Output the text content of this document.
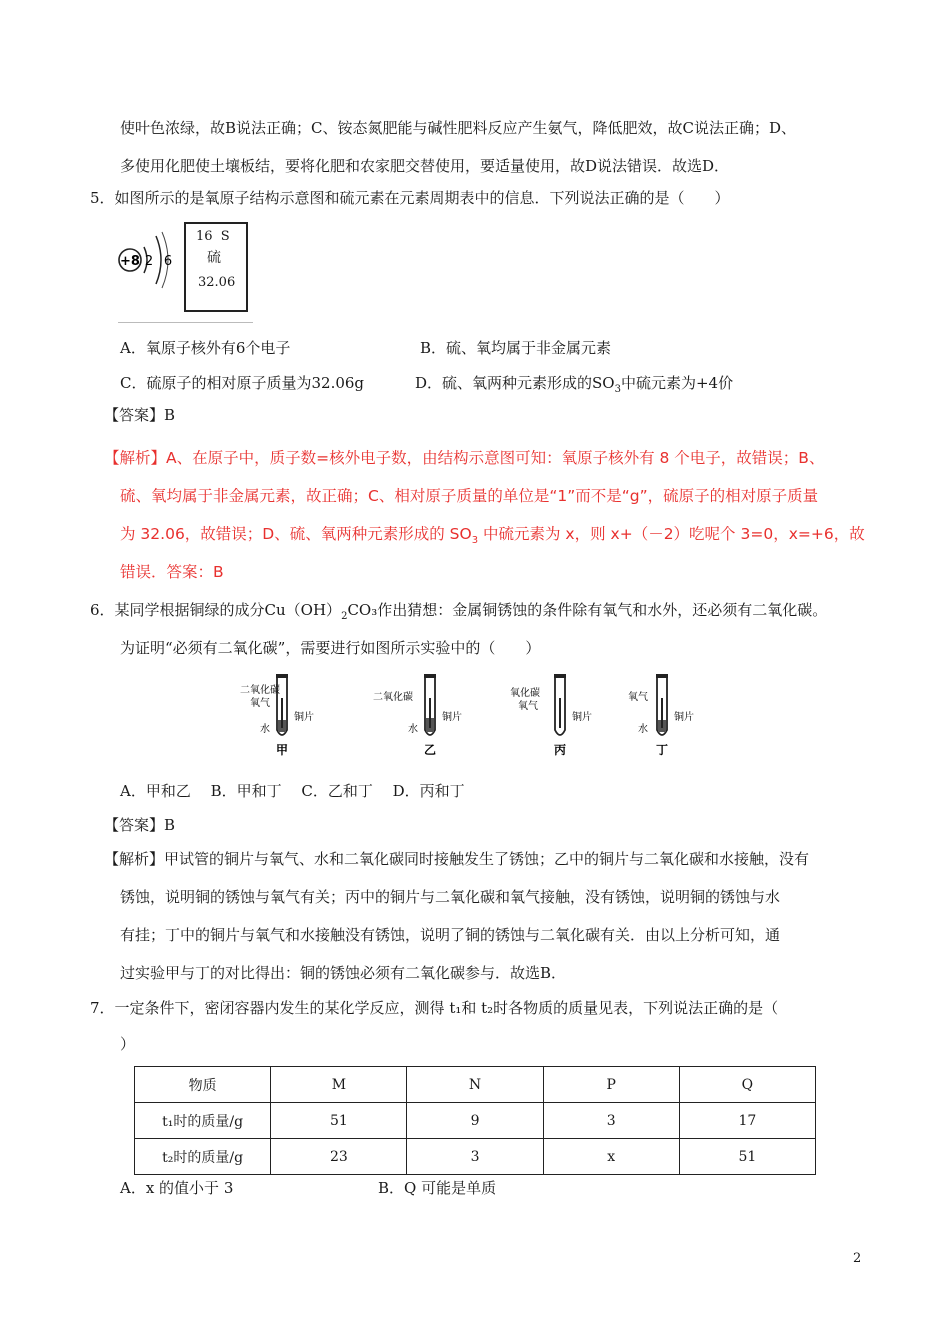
使叶色浓绿，故B说法正确；C、铵态氮肥能与碱性肥料反应产生氨气，降低肥效，故C说法正确；D、
多使用化肥使土壤板结，要将化肥和农家肥交替使用，要适量使用，故D说法错误．故选D．
5．如图所示的是氧原子结构示意图和硫元素在元素周期表中的信息．下列说法正确的是（　　）
+8 2 6
16  S
硫
32.06
A．氧原子核外有6个电子	B．硫、氧均属于非金属元素
C．硫原子的相对原子质量为32.06g	D．硫、氧两种元素形成的$SO_3$中硫元素为+4价
【答案】B
【解析】A、在原子中，质子数=核外电子数，由结构示意图可知：氧原子核外有 8 个电子，故错误；B、
硫、氧均属于非金属元素，故正确；C、相对原子质量的单位是“1”而不是“g”，硫原子的相对原子质量
为 32.06，故错误；D、硫、氧两种元素形成的 $SO_3$ 中硫元素为 x，则 x+（－2）吃呢个 3=0，x=+6，故
错误．答案：B
6．某同学根据铜绿的成分$Cu(OH)_2CO_3$作出猜想：金属铜锈蚀的条件除有氧气和水外，还必须有二氧化碳。
为证明“必须有二氧化碳”，需要进行如图所示实验中的（　　）
二氧化碳
氧气
铜片
水
甲
二氧化碳
铜片
水
乙
氧化碳
氧气
铜片
丙
氧气
铜片
水
丁
A．甲和乙　 B．甲和丁　 C．乙和丁　 D．丙和丁
【答案】B
【解析】甲试管的铜片与氧气、水和二氧化碳同时接触发生了锈蚀；乙中的铜片与二氧化碳和水接触，没有
锈蚀，说明铜的锈蚀与氧气有关；丙中的铜片与二氧化碳和氧气接触，没有锈蚀，说明铜的锈蚀与水
有挂；丁中的铜片与氧气和水接触没有锈蚀，说明了铜的锈蚀与二氧化碳有关．由以上分析可知，通
过实验甲与丁的对比得出：铜的锈蚀必须有二氧化碳参与．故选B．
7．一定条件下，密闭容器内发生的某化学反应，测得 t₁和 t₂时各物质的质量见表，下列说法正确的是（
）
物质	M	N	P	Q
t₁时的质量/g	51	9	3	17
t₂时的质量/g	23	3	x	51
A．x 的值小于 3	B．Q 可能是单质
2
